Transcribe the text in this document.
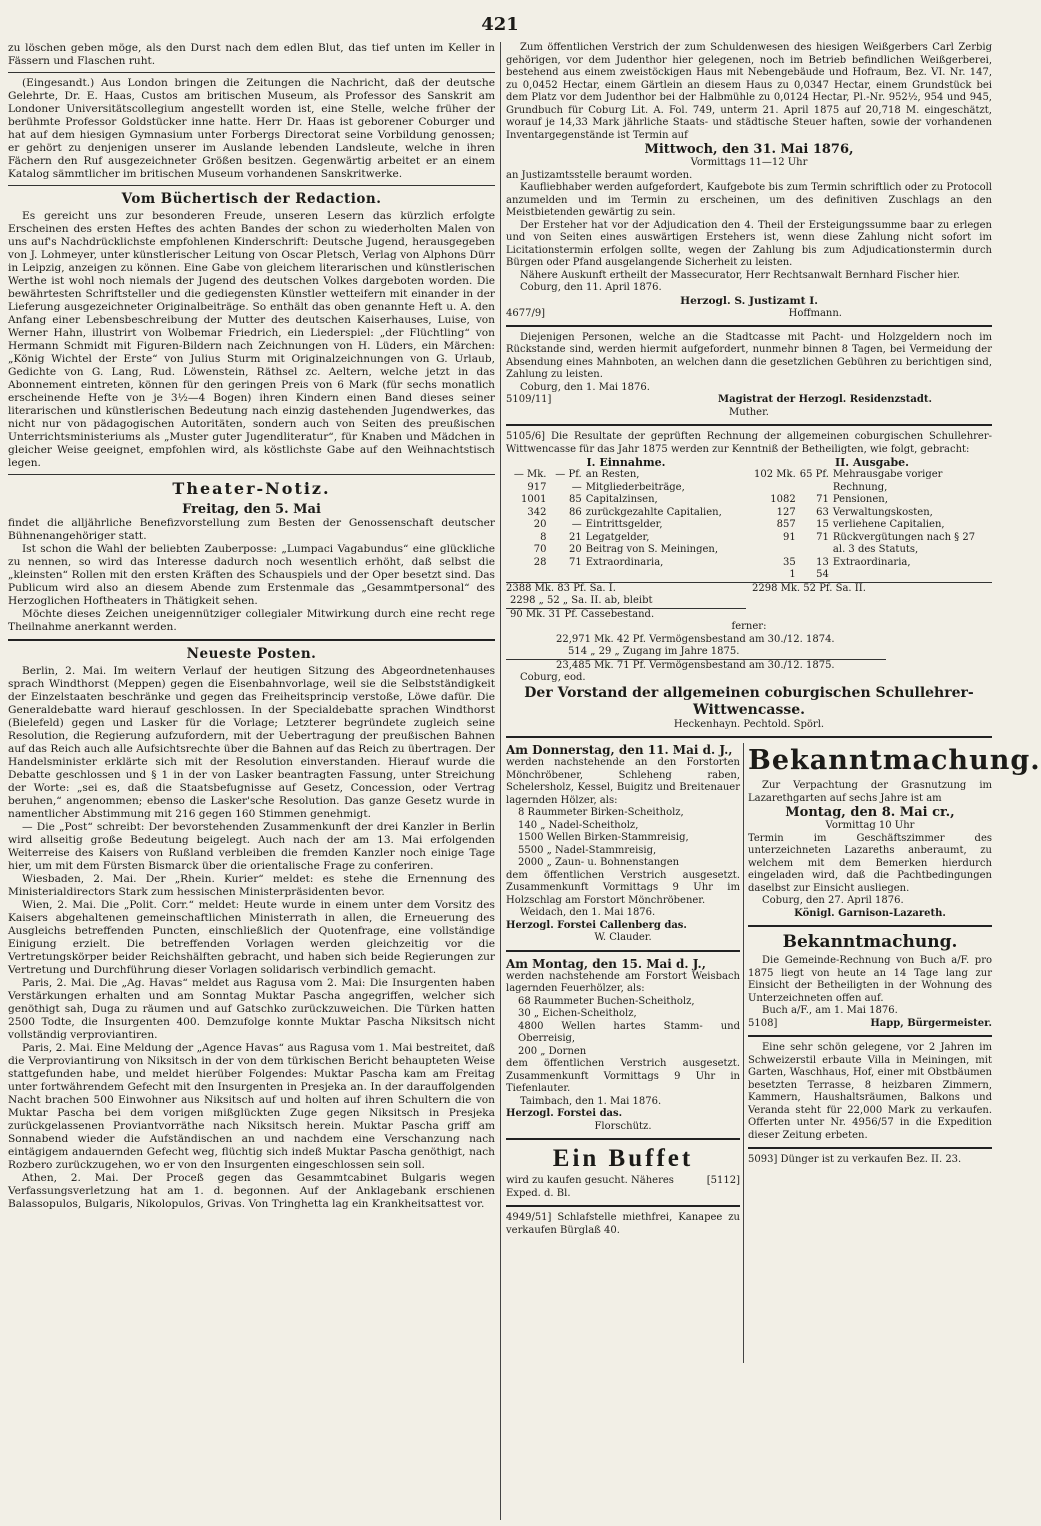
421

zu löschen geben möge, als den Durst nach dem edlen Blut, das tief unten im Keller in Fässern und Flaschen ruht.

(Eingesandt.) Aus London bringen die Zeitungen die Nachricht, daß der deutsche Gelehrte, Dr. E. Haas, Custos am britischen Museum, als Professor des Sanskrit am Londoner Universitätscollegium angestellt worden ist, eine Stelle, welche früher der berühmte Professor Goldstücker inne hatte. Herr Dr. Haas ist geborener Coburger und hat auf dem hiesigen Gymnasium unter Forbergs Directorat seine Vorbildung genossen; er gehört zu denjenigen unserer im Auslande lebenden Landsleute, welche in ihren Fächern den Ruf ausgezeichneter Größen besitzen. Gegenwärtig arbeitet er an einem Katalog sämmtlicher im britischen Museum vorhandenen Sanskritwerke.

Vom Büchertisch der Redaction.

Es gereicht uns zur besonderen Freude, unseren Lesern das kürzlich erfolgte Erscheinen des ersten Heftes des achten Bandes der schon zu wiederholten Malen von uns auf's Nachdrücklichste empfohlenen Kinderschrift: Deutsche Jugend, herausgegeben von J. Lohmeyer, unter künstlerischer Leitung von Oscar Pletsch, Verlag von Alphons Dürr in Leipzig, anzeigen zu können. Eine Gabe von gleichem literarischen und künstlerischen Werthe ist wohl noch niemals der Jugend des deutschen Volkes dargeboten worden. Die bewährtesten Schriftsteller und die gediegensten Künstler wetteifern mit einander in der Lieferung ausgezeichneter Originalbeiträge. So enthält das oben genannte Heft u. A. den Anfang einer Lebensbeschreibung der Mutter des deutschen Kaiserhauses, Luise, von Werner Hahn, illustrirt von Wolbemar Friedrich, ein Liederspiel: „der Flüchtling“ von Hermann Schmidt mit Figuren-Bildern nach Zeichnungen von H. Lüders, ein Märchen: „König Wichtel der Erste“ von Julius Sturm mit Originalzeichnungen von G. Urlaub, Gedichte von G. Lang, Rud. Löwenstein, Räthsel zc. Aeltern, welche jetzt in das Abonnement eintreten, können für den geringen Preis von 6 Mark (für sechs monatlich erscheinende Hefte von je 3½—4 Bogen) ihren Kindern einen Band dieses seiner literarischen und künstlerischen Bedeutung nach einzig dastehenden Jugendwerkes, das nicht nur von pädagogischen Autoritäten, sondern auch von Seiten des preußischen Unterrichtsministeriums als „Muster guter Jugendliteratur“, für Knaben und Mädchen in gleicher Weise geeignet, empfohlen wird, als köstlichste Gabe auf den Weihnachtstisch legen.

Theater-Notiz.
Freitag, den 5. Mai

findet die alljährliche Benefizvorstellung zum Besten der Genossenschaft deutscher Bühnenangehöriger statt.

Ist schon die Wahl der beliebten Zauberposse: „Lumpaci Vagabundus“ eine glückliche zu nennen, so wird das Interesse dadurch noch wesentlich erhöht, daß selbst die „kleinsten“ Rollen mit den ersten Kräften des Schauspiels und der Oper besetzt sind. Das Publicum wird also an diesem Abende zum Erstenmale das „Gesammtpersonal“ des Herzoglichen Hoftheaters in Thätigkeit sehen.

Möchte dieses Zeichen uneigennütziger collegialer Mitwirkung durch eine recht rege Theilnahme anerkannt werden.

Neueste Posten.

Berlin, 2. Mai. Im weitern Verlauf der heutigen Sitzung des Abgeordnetenhauses sprach Windthorst (Meppen) gegen die Eisenbahnvorlage, weil sie die Selbstständigkeit der Einzelstaaten beschränke und gegen das Freiheitsprincip verstoße, Löwe dafür. Die Generaldebatte ward hierauf geschlossen. In der Specialdebatte sprachen Windthorst (Bielefeld) gegen und Lasker für die Vorlage; Letzterer begründete zugleich seine Resolution, die Regierung aufzufordern, mit der Uebertragung der preußischen Bahnen auf das Reich auch alle Aufsichtsrechte über die Bahnen auf das Reich zu übertragen. Der Handelsminister erklärte sich mit der Resolution einverstanden. Hierauf wurde die Debatte geschlossen und § 1 in der von Lasker beantragten Fassung, unter Streichung der Worte: „sei es, daß die Staatsbefugnisse auf Gesetz, Concession, oder Vertrag beruhen,“ angenommen; ebenso die Lasker'sche Resolution. Das ganze Gesetz wurde in namentlicher Abstimmung mit 216 gegen 160 Stimmen genehmigt.

— Die „Post“ schreibt: Der bevorstehenden Zusammenkunft der drei Kanzler in Berlin wird allseitig große Bedeutung beigelegt. Auch nach der am 13. Mai erfolgenden Weiterreise des Kaisers von Rußland verbleiben die fremden Kanzler noch einige Tage hier, um mit dem Fürsten Bismarck über die orientalische Frage zu conferiren.

Wiesbaden, 2. Mai. Der „Rhein. Kurier“ meldet: es stehe die Ernennung des Ministerialdirectors Stark zum hessischen Ministerpräsidenten bevor.

Wien, 2. Mai. Die „Polit. Corr.“ meldet: Heute wurde in einem unter dem Vorsitz des Kaisers abgehaltenen gemeinschaftlichen Ministerrath in allen, die Erneuerung des Ausgleichs betreffenden Puncten, einschließlich der Quotenfrage, eine vollständige Einigung erzielt. Die betreffenden Vorlagen werden gleichzeitig vor die Vertretungskörper beider Reichshälften gebracht, und haben sich beide Regierungen zur Vertretung und Durchführung dieser Vorlagen solidarisch verbindlich gemacht.

Paris, 2. Mai. Die „Ag. Havas“ meldet aus Ragusa vom 2. Mai: Die Insurgenten haben Verstärkungen erhalten und am Sonntag Muktar Pascha angegriffen, welcher sich genöthigt sah, Duga zu räumen und auf Gatschko zurückzuweichen. Die Türken hatten 2500 Todte, die Insurgenten 400. Demzufolge konnte Muktar Pascha Niksitsch nicht vollständig verproviantiren.

Paris, 2. Mai. Eine Meldung der „Agence Havas“ aus Ragusa vom 1. Mai bestreitet, daß die Verproviantirung von Niksitsch in der von dem türkischen Bericht behaupteten Weise stattgefunden habe, und meldet hierüber Folgendes: Muktar Pascha kam am Freitag unter fortwährendem Gefecht mit den Insurgenten in Presjeka an. In der darauffolgenden Nacht brachen 500 Einwohner aus Niksitsch auf und holten auf ihren Schultern die von Muktar Pascha bei dem vorigen mißglückten Zuge gegen Niksitsch in Presjeka zurückgelassenen Proviantvorräthe nach Niksitsch herein. Muktar Pascha griff am Sonnabend wieder die Aufständischen an und nachdem eine Verschanzung nach eintägigem andauernden Gefecht weg, flüchtig sich indeß Muktar Pascha genöthigt, nach Rozbero zurückzugehen, wo er von den Insurgenten eingeschlossen sein soll.

Athen, 2. Mai. Der Proceß gegen das Gesammtcabinet Bulgaris wegen Verfassungsverletzung hat am 1. d. begonnen. Auf der Anklagebank erschienen Balassopulos, Bulgaris, Nikolopulos, Grivas. Von Tringhetta lag ein Krankheitsattest vor.

Zum öffentlichen Verstrich der zum Schuldenwesen des hiesigen Weißgerbers Carl Zerbig gehörigen, vor dem Judenthor hier gelegenen, noch im Betrieb befindlichen Weißgerberei, bestehend aus einem zweistöckigen Haus mit Nebengebäude und Hofraum, Bez. VI. Nr. 147, zu 0,0452 Hectar, einem Gärtlein an diesem Haus zu 0,0347 Hectar, einem Grundstück bei dem Platz vor dem Judenthor bei der Halbmühle zu 0,0124 Hectar, Pl.-Nr. 952½, 954 und 945, Grundbuch für Coburg Lit. A. Fol. 749, unterm 21. April 1875 auf 20,718 M. eingeschätzt, worauf je 14,33 Mark jährliche Staats- und städtische Steuer haften, sowie der vorhandenen Inventargegenstände ist Termin auf

Mittwoch, den 31. Mai 1876,

Vormittags 11—12 Uhr

an Justizamtsstelle beraumt worden.

Kaufliebhaber werden aufgefordert, Kaufgebote bis zum Termin schriftlich oder zu Protocoll anzumelden und im Termin zu erscheinen, um des definitiven Zuschlags an den Meistbietenden gewärtig zu sein.

Der Ersteher hat vor der Adjudication den 4. Theil der Ersteigungssumme baar zu erlegen und von Seiten eines auswärtigen Erstehers ist, wenn diese Zahlung nicht sofort im Licitationstermin erfolgen sollte, wegen der Zahlung bis zum Adjudicationstermin durch Bürgen oder Pfand ausgelangende Sicherheit zu leisten.

Nähere Auskunft ertheilt der Massecurator, Herr Rechtsanwalt Bernhard Fischer hier.

Coburg, den 11. April 1876.

Herzogl. S. Justizamt I.

4677/9]	Hoffmann.

Diejenigen Personen, welche an die Stadtcasse mit Pacht- und Holzgeldern noch im Rückstande sind, werden hiermit aufgefordert, nunmehr binnen 8 Tagen, bei Vermeidung der Absendung eines Mahnboten, an welchen dann die gesetzlichen Gebühren zu berichtigen sind, Zahlung zu leisten.

Coburg, den 1. Mai 1876.

5109/11]	Magistrat der Herzogl. Residenzstadt.

Muther.

5105/6] Die Resultate der geprüften Rechnung der allgemeinen coburgischen Schullehrer-Wittwencasse für das Jahr 1875 werden zur Kenntniß der Betheiligten, wie folgt, gebracht:

I. Einnahme.
— Mk.	— Pf.	an Resten,
917	—	Mitgliederbeiträge,
1001	85	Capitalzinsen,
342	86	zurückgezahlte Capitalien,
20	—	Eintrittsgelder,
8	21	Legatgelder,
70	20	Beitrag von S. Meiningen,
28	71	Extraordinaria,
II. Ausgabe.
102 Mk.	65 Pf.	Mehrausgabe voriger Rechnung,
1082	71	Pensionen,
127	63	Verwaltungskosten,
857	15	verliehene Capitalien,
91	71	Rückvergütungen nach § 27 al. 3 des Statuts,
35	13	Extraordinaria,
1	54	
2388 Mk. 83 Pf. Sa. I.	2298 Mk. 52 Pf. Sa. II.

2298 „ 52 „ Sa. II. ab, bleibt

90 Mk. 31 Pf. Cassebestand.

ferner:

22,971 Mk. 42 Pf. Vermögensbestand am 30./12. 1874.

514 „ 29 „ Zugang im Jahre 1875.

23,485 Mk. 71 Pf. Vermögensbestand am 30./12. 1875.

Coburg, eod.

Der Vorstand der allgemeinen coburgischen Schullehrer-Wittwencasse.

Heckenhayn. Pechtold. Spörl.

Am Donnerstag, den 11. Mai d. J.,

werden nachstehende an den Forstorten Mönchröbener, Schleheng raben, Schelersholz, Kessel, Buigitz und Breitenauer lagernden Hölzer, als:

8 Raummeter Birken-Scheitholz,

140 „ Nadel-Scheitholz,

1500 Wellen Birken-Stammreisig,

5500 „ Nadel-Stammreisig,

2000 „ Zaun- u. Bohnenstangen

dem öffentlichen Verstrich ausgesetzt. Zusammenkunft Vormittags 9 Uhr im Holzschlag am Forstort Mönchröbener.

Weidach, den 1. Mai 1876.

Herzogl. Forstei Callenberg das.

W. Clauder.

Am Montag, den 15. Mai d. J.,

werden nachstehende am Forstort Weisbach lagernden Feuerhölzer, als:

68 Raummeter Buchen-Scheitholz,

30 „ Eichen-Scheitholz,

4800 Wellen hartes Stamm- und Oberreisig,

200 „ Dornen

dem öffentlichen Verstrich ausgesetzt. Zusammenkunft Vormittags 9 Uhr in Tiefenlauter.

Taimbach, den 1. Mai 1876.

Herzogl. Forstei das.

Florschütz.

Ein Buffet
wird zu kaufen gesucht. Näheres Exped. d. Bl.
[5112]

4949/51] Schlafstelle miethfrei, Kanapee zu verkaufen Bürglaß 40.

Bekanntmachung.

Zur Verpachtung der Grasnutzung im Lazarethgarten auf sechs Jahre ist am

Montag, den 8. Mai cr.,

Vormittag 10 Uhr

Termin im Geschäftszimmer des unterzeichneten Lazareths anberaumt, zu welchem mit dem Bemerken hierdurch eingeladen wird, daß die Pachtbedingungen daselbst zur Einsicht ausliegen.

Coburg, den 27. April 1876.

Königl. Garnison-Lazareth.

Bekanntmachung.

Die Gemeinde-Rechnung von Buch a/F. pro 1875 liegt von heute an 14 Tage lang zur Einsicht der Betheiligten in der Wohnung des Unterzeichneten offen auf.

Buch a/F., am 1. Mai 1876.

5108]	Happ, Bürgermeister.

Eine sehr schön gelegene, vor 2 Jahren im Schweizerstil erbaute Villa in Meiningen, mit Garten, Waschhaus, Hof, einer mit Obstbäumen besetzten Terrasse, 8 heizbaren Zimmern, Kammern, Haushaltsräumen, Balkons und Veranda steht für 22,000 Mark zu verkaufen. Offerten unter Nr. 4956/57 in die Expedition dieser Zeitung erbeten.

5093] Dünger ist zu verkaufen Bez. II. 23.
